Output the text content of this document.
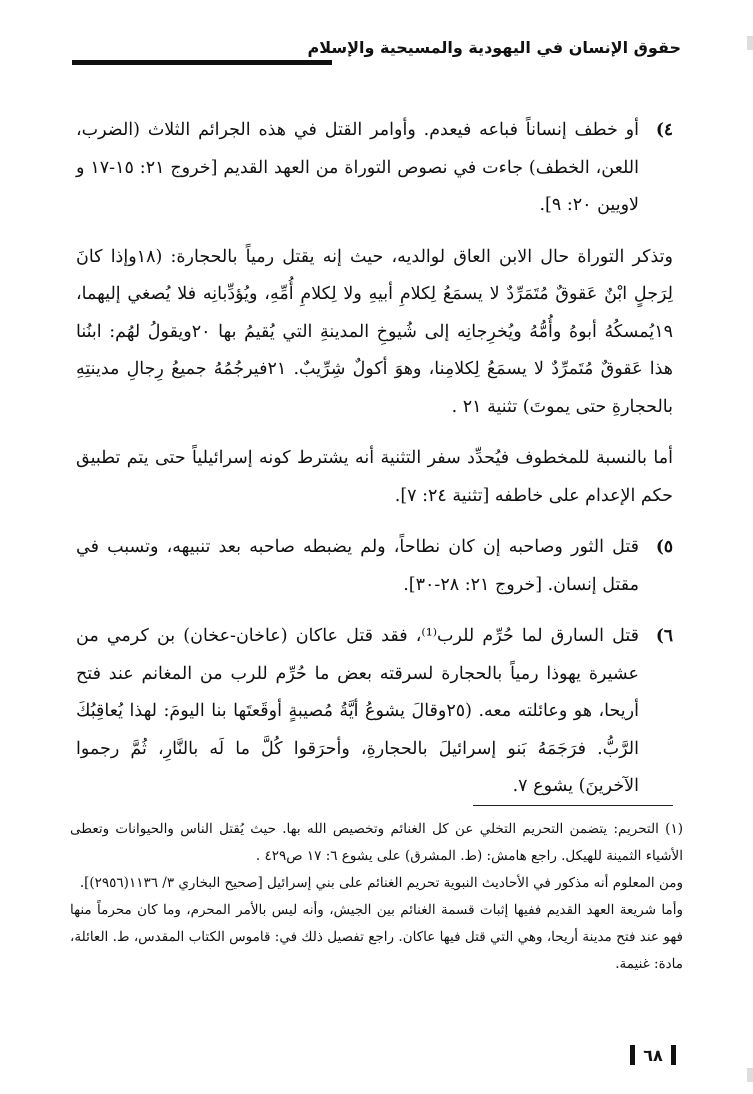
حقوق الإنسان في اليهودية والمسيحية والإسلام
٤)
أو خطف إنساناً فباعه فيعدم. وأوامر القتل في هذه الجرائم الثلاث (الضرب، اللعن، الخطف) جاءت في نصوص التوراة من العهد القديم [خروج ٢١: ١٥-١٧ و لاويين ٢٠: ٩].

وتذكر التوراة حال الابن العاق لوالديه، حيث إنه يقتل رمياً بالحجارة: (١٨وإذا كانَ لِرَجلٍ ابْنٌ عَقوقٌ مُتَمَرِّدٌ لا يسمَعُ لِكلامِ أبيهِ ولا لِكلامِ أُمِّهِ، ويُؤدِّبانِه فلا يُصغي إليهما، ١٩يُمسكُهُ أبوهُ وأُمُّهُ ويُخرِجانِه إلى شُيوخِ المدينةِ التي يُقيمُ بها ٢٠ويقولُ لهُم: ابنُنا هذا عَقوقٌ مُتَمرِّدٌ لا يسمَعُ لِكلامِنا، وهوَ أكولٌ شِرِّيبٌ. ٢١فيرجُمُهُ جميعُ رِجالِ مدينتِهِ بالحجارةِ حتى يموتَ) تثنية ٢١ .

أما بالنسبة للمخطوف فيُحدِّد سفر التثنية أنه يشترط كونه إسرائيلياً حتى يتم تطبيق حكم الإعدام على خاطفه [تثنية ٢٤: ٧].

٥)
قتل الثور وصاحبه إن كان نطاحاً، ولم يضبطه صاحبه بعد تنبيهه، وتسبب في مقتل إنسان. [خروج ٢١: ٢٨-٣٠].
٦)
قتل السارق لما حُرِّم للرب⁽¹⁾، فقد قتل عاكان (عاخان-عخان) بن كرمي من عشيرة يهوذا رمياً بالحجارة لسرقته بعض ما حُرِّم للرب من المغانم عند فتح أريحا، هو وعائلته معه. (٢٥وقالَ يشوعُ أيَّةُ مُصيبةٍ أوقَعتَها بنا اليومَ: لهذا يُعاقِبُكَ الرَّبُّ. فرَجَمَهُ بَنو إسرائيلَ بالحجارةِ، وأحرَقوا كُلَّ ما لَه بالنَّارِ، ثُمَّ رجموا الآخرينَ) يشوع ٧.

(١) التحريم: يتضمن التحريم التخلي عن كل الغنائم وتخصيص الله بها. حيث يُقتل الناس والحيوانات وتعطى الأشياء الثمينة للهيكل. راجع هامش: (ط. المشرق) على يشوع ٦: ١٧ ص٤٢٩ .

ومن المعلوم أنه مذكور في الأحاديث النبوية تحريم الغنائم على بني إسرائيل [صحيح البخاري ٣/ ١١٣٦(٢٩٥٦)].

وأما شريعة العهد القديم ففيها إثبات قسمة الغنائم بين الجيش، وأنه ليس بالأمر المحرم، وما كان محرماً منها فهو عند فتح مدينة أريحا، وهي التي قتل فيها عاكان. راجع تفصيل ذلك في: قاموس الكتاب المقدس، ط. العائلة، مادة: غنيمة.

٦٨
